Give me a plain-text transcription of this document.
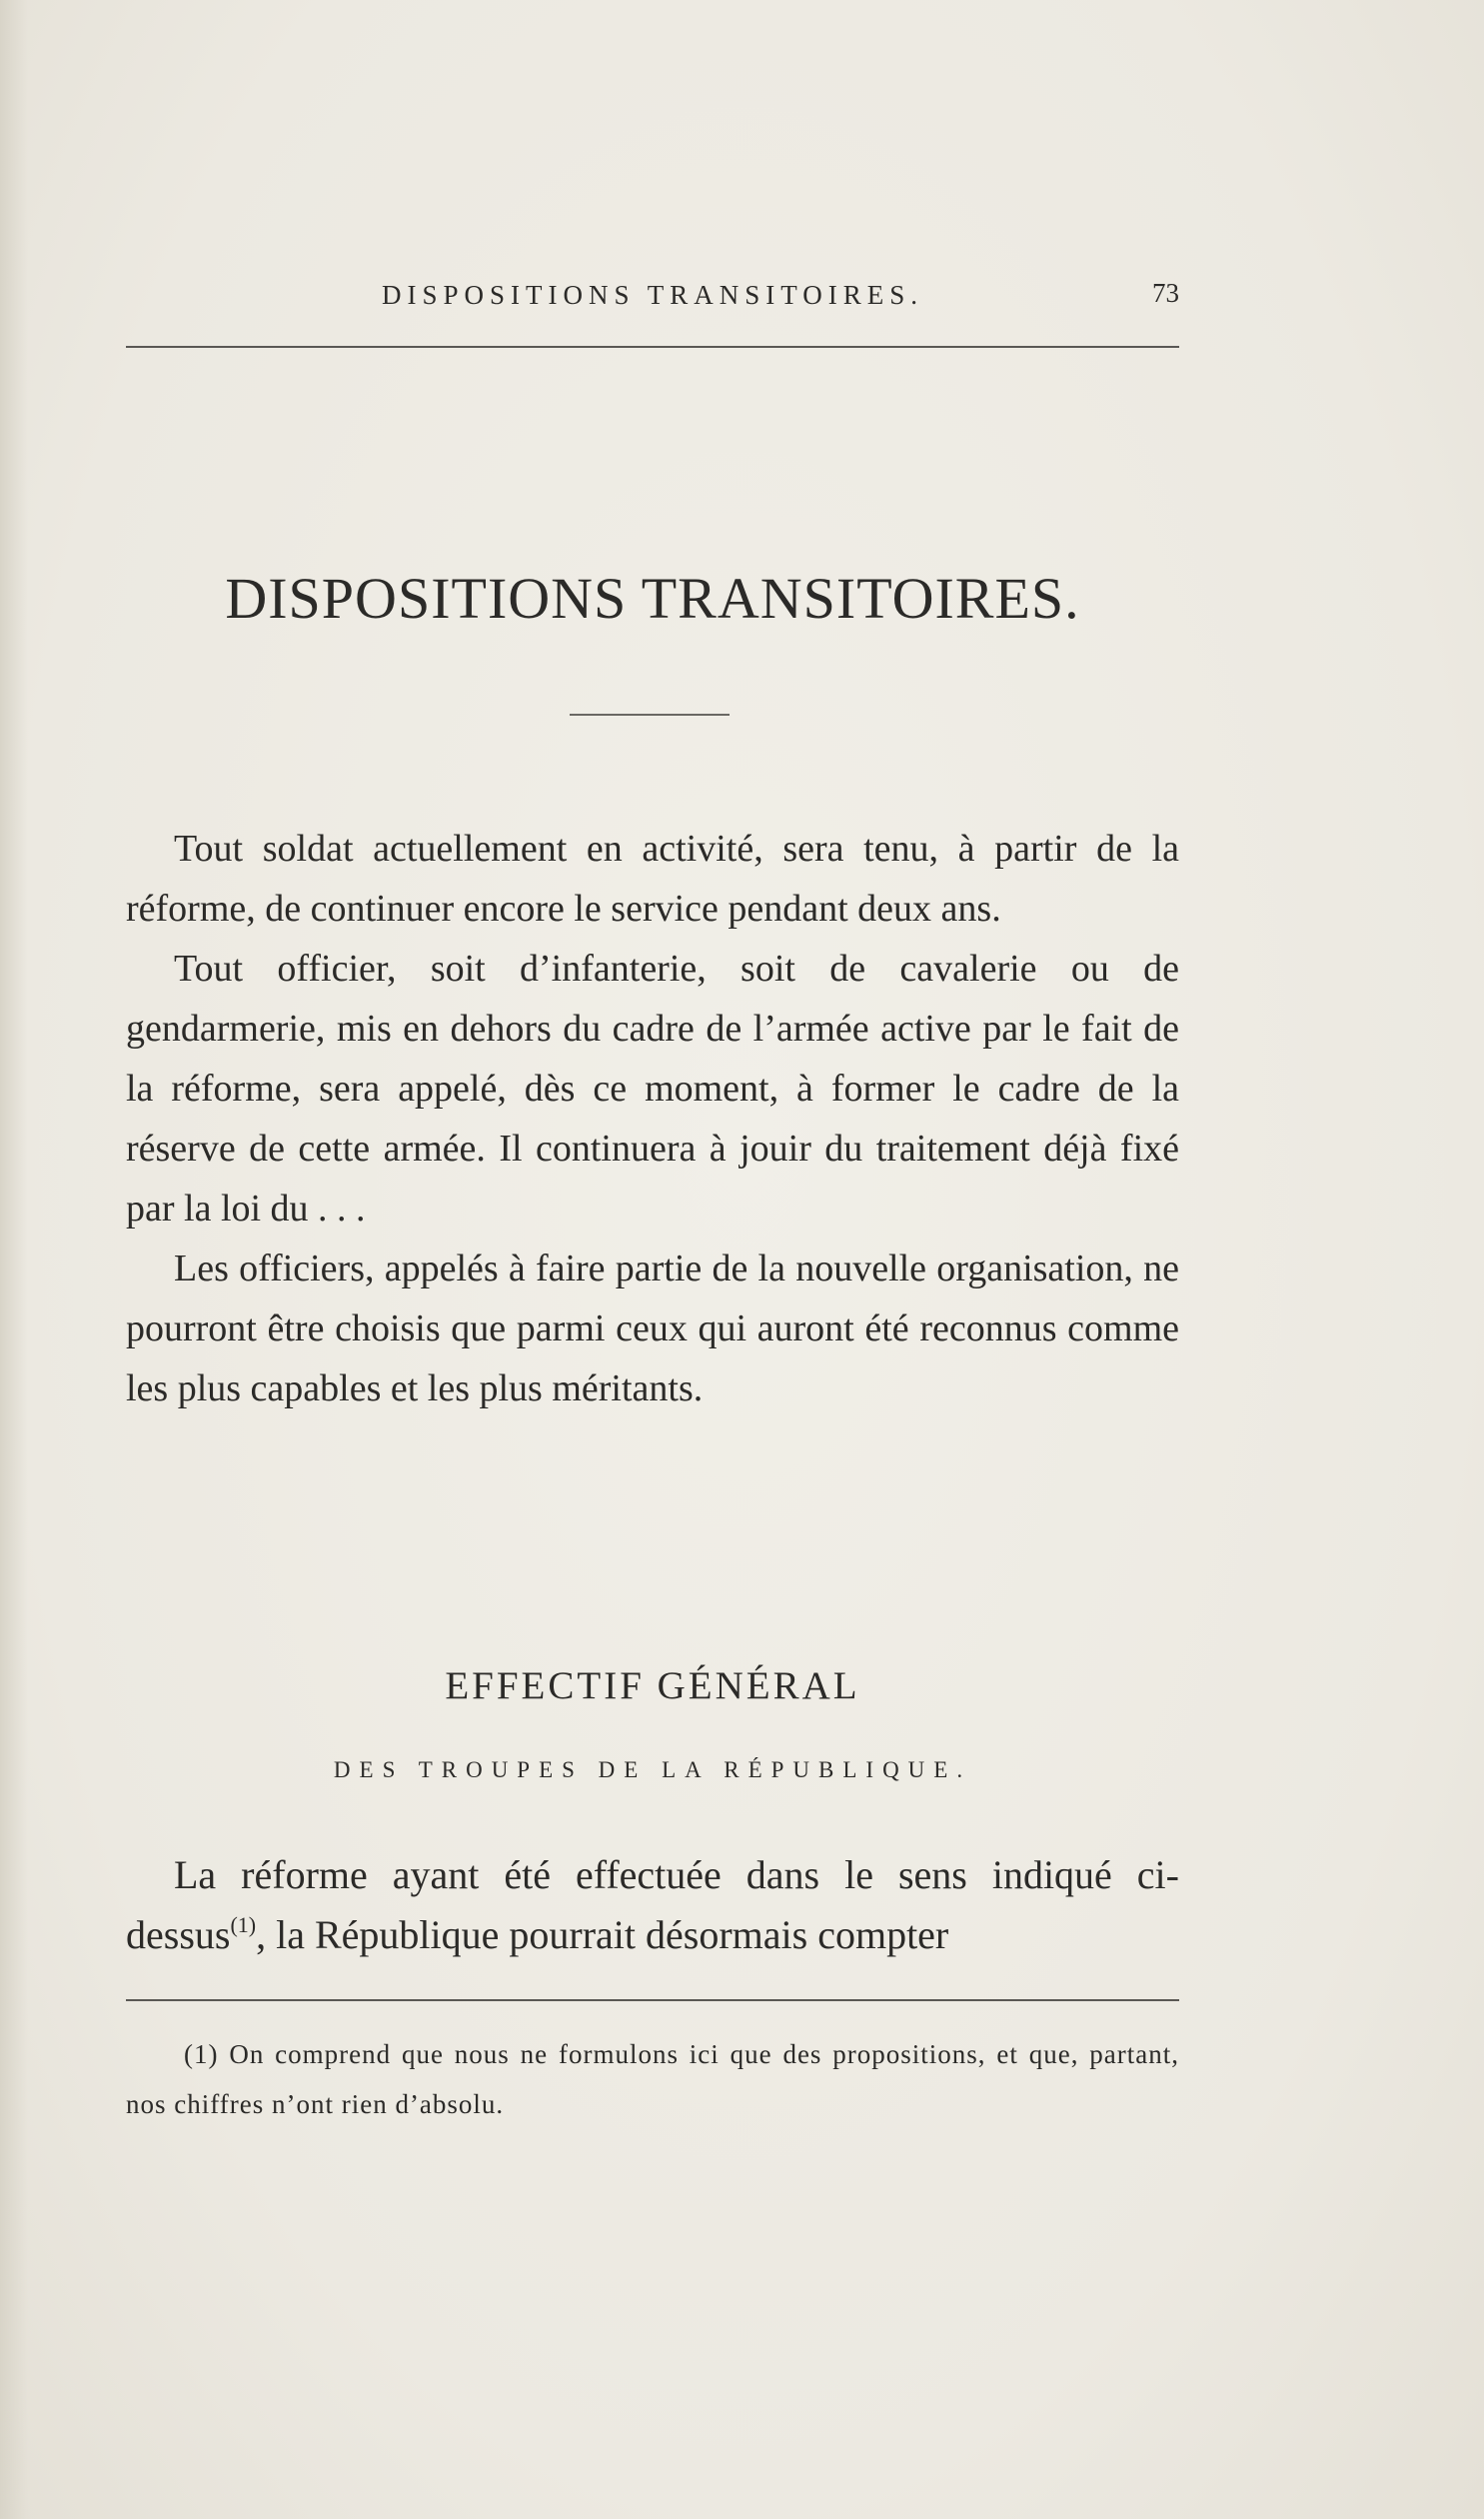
DISPOSITIONS TRANSITOIRES.	73
DISPOSITIONS TRANSITOIRES.

Tout soldat actuellement en activité, sera tenu, à partir de la réforme, de continuer encore le service pendant deux ans.

Tout officier, soit d’infanterie, soit de cavalerie ou de gendarmerie, mis en dehors du cadre de l’armée active par le fait de la réforme, sera appelé, dès ce moment, à former le cadre de la réserve de cette armée. Il continuera à jouir du traitement déjà fixé par la loi du . . .

Les officiers, appelés à faire partie de la nouvelle organisation, ne pourront être choisis que parmi ceux qui auront été reconnus comme les plus capables et les plus méritants.

EFFECTIF GÉNÉRAL
DES TROUPES DE LA RÉPUBLIQUE.

La réforme ayant été effectuée dans le sens indiqué ci-dessus$^{(1)}$, la République pourrait désormais compter

(1) On comprend que nous ne formulons ici que des propositions, et que, partant, nos chiffres n’ont rien d’absolu.
